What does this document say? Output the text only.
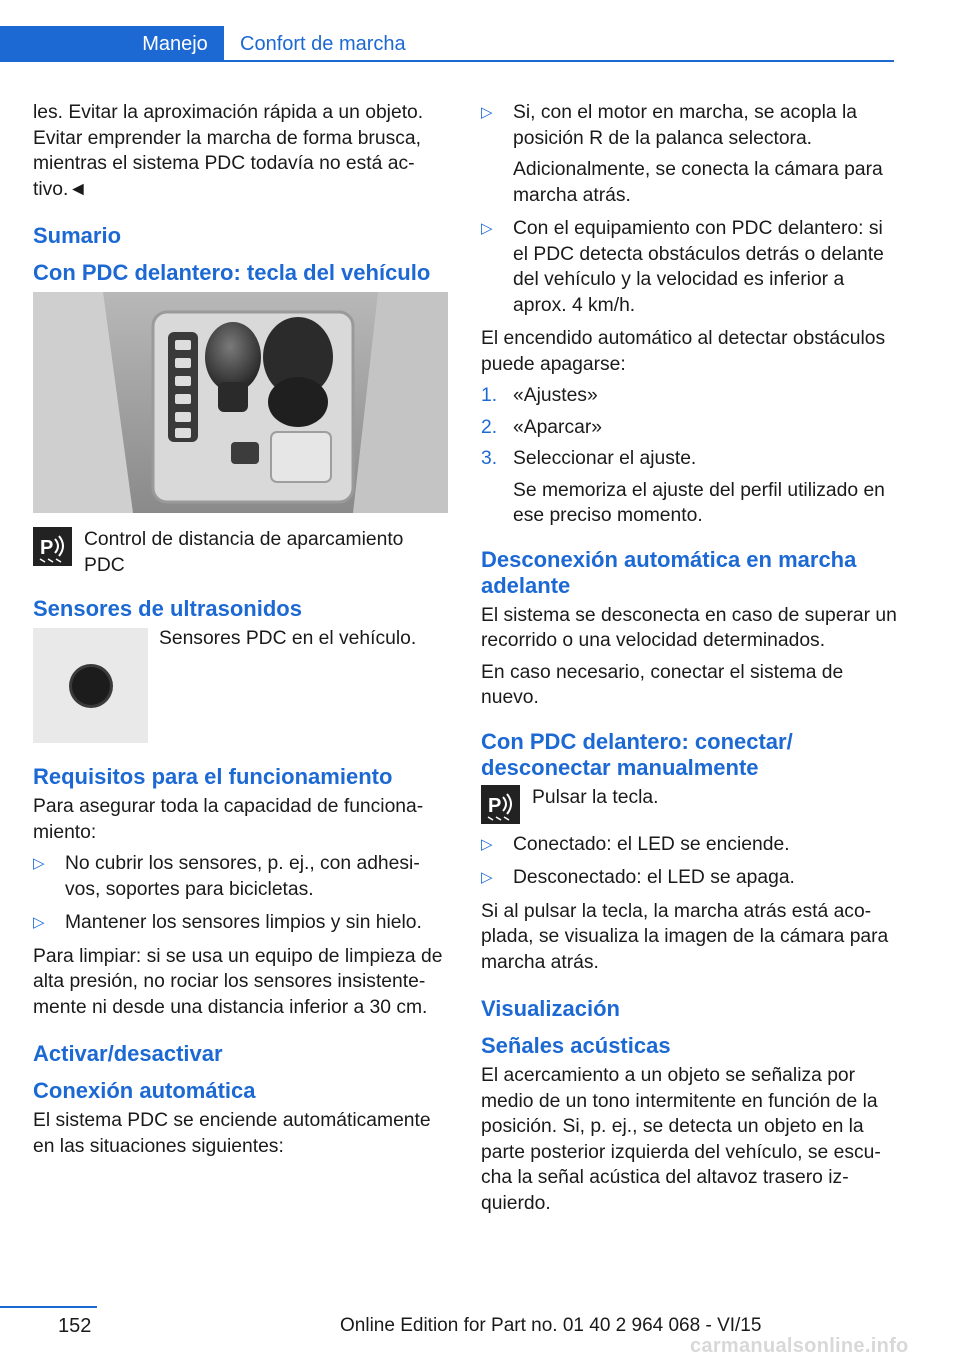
Manejo	Confort de marcha

les. Evitar la aproximación rápida a un objeto. Evitar emprender la marcha de forma brusca, mientras el sistema PDC todavía no está activo.◄

Sumario
Con PDC delantero: tecla del vehículo
P Control de distancia de aparcamiento PDC
Sensores de ultrasonidos
Sensores PDC en el vehículo.
Requisitos para el funcionamiento

Para asegurar toda la capacidad de funcionamiento:

▷ No cubrir los sensores, p. ej., con adhesivos, soportes para bicicletas.
▷ Mantener los sensores limpios y sin hielo.

Para limpiar: si se usa un equipo de limpieza de alta presión, no rociar los sensores insistentemente ni desde una distancia inferior a 30 cm.

Activar/desactivar
Conexión automática

El sistema PDC se enciende automáticamente en las situaciones siguientes:

▷ Si, con el motor en marcha, se acopla la posición R de la palanca selectora.

Adicionalmente, se conecta la cámara para marcha atrás.

▷ Con el equipamiento con PDC delantero: si el PDC detecta obstáculos detrás o delante del vehículo y la velocidad es inferior a aprox. 4 km/h.

El encendido automático al detectar obstáculos puede apagarse:

1. «Ajustes»
2. «Aparcar»
3. Seleccionar el ajuste.

Se memoriza el ajuste del perfil utilizado en ese preciso momento.

Desconexión automática en marcha adelante

El sistema se desconecta en caso de superar un recorrido o una velocidad determinados.

En caso necesario, conectar el sistema de nuevo.

Con PDC delantero: conectar/ desconectar manualmente
P Pulsar la tecla.
▷ Conectado: el LED se enciende.
▷ Desconectado: el LED se apaga.

Si al pulsar la tecla, la marcha atrás está acoplada, se visualiza la imagen de la cámara para marcha atrás.

Visualización
Señales acústicas

El acercamiento a un objeto se señaliza por medio de un tono intermitente en función de la posición. Si, p. ej., se detecta un objeto en la parte posterior izquierda del vehículo, se escucha la señal acústica del altavoz trasero izquierdo.

152	Online Edition for Part no. 01 40 2 964 068 - VI/15
carmanualsonline.info
